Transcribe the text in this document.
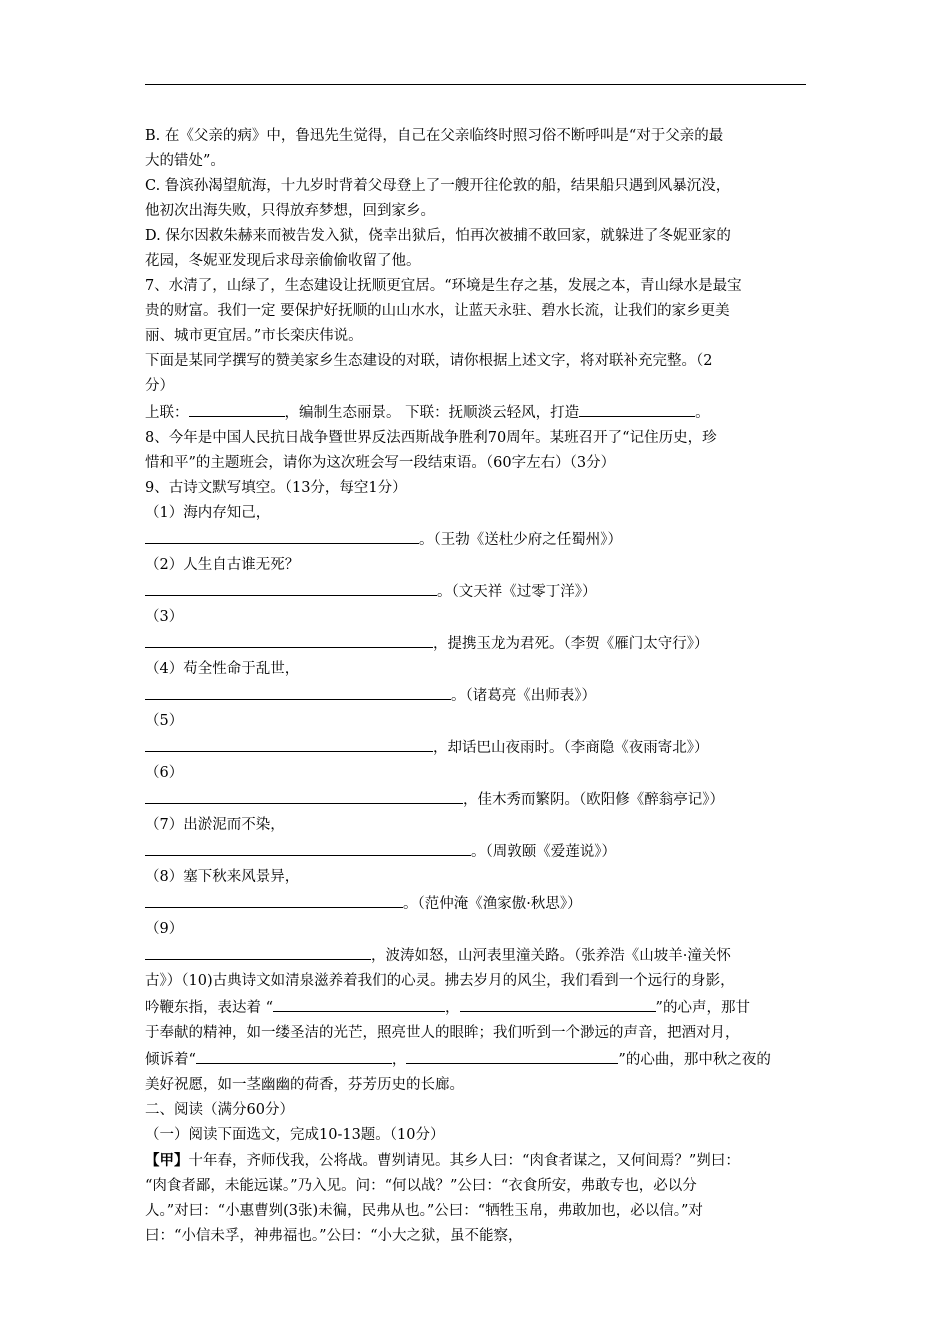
B. 在《父亲的病》中，鲁迅先生觉得，自己在父亲临终时照习俗不断呼叫是“对于父亲的最

大的错处”。

C. 鲁滨孙渴望航海，十九岁时背着父母登上了一艘开往伦敦的船，结果船只遇到风暴沉没，

他初次出海失败，只得放弃梦想，回到家乡。

D. 保尔因救朱赫来而被告发入狱，侥幸出狱后，怕再次被捕不敢回家，就躲进了冬妮亚家的

花园，冬妮亚发现后求母亲偷偷收留了他。

7、水清了，山绿了，生态建设让抚顺更宜居。“环境是生存之基，发展之本，青山绿水是最宝

贵的财富。我们一定 要保护好抚顺的山山水水，让蓝天永驻、碧水长流，让我们的家乡更美

丽、城市更宜居。”市长栾庆伟说。

下面是某同学撰写的赞美家乡生态建设的对联，请你根据上述文字，将对联补充完整。（2

分）

上联：	，编制生态丽景。 下联：抚顺淡云轻风，打造	。

8、今年是中国人民抗日战争暨世界反法西斯战争胜利70周年。某班召开了“记住历史，珍

惜和平”的主题班会，请你为这次班会写一段结束语。（60字左右）（3分）

9、古诗文默写填空。（13分，每空1分）

（1）海内存知己，

。（王勃《送杜少府之任蜀州》）

（2）人生自古谁无死？

。（文天祥《过零丁洋》）

（3）

，提携玉龙为君死。（李贺《雁门太守行》）

（4）苟全性命于乱世，

。（诸葛亮《出师表》）

（5）

，却话巴山夜雨时。（李商隐《夜雨寄北》）

（6）

，佳木秀而繁阴。（欧阳修《醉翁亭记》）

（7）出淤泥而不染，

。（周敦颐《爱莲说》）

（8）塞下秋来风景异，

。（范仲淹《渔家傲·秋思》）

（9）

，波涛如怒，山河表里潼关路。（张养浩《山坡羊·潼关怀

古》）（10)古典诗文如清泉滋养着我们的心灵。拂去岁月的风尘，我们看到一个远行的身影，

吟鞭东指，表达着 “	，	”的心声，那甘

于奉献的精神，如一缕圣洁的光芒，照亮世人的眼眸；我们听到一个渺远的声音，把酒对月，

倾诉着“	，	”的心曲，那中秋之夜的

美好祝愿，如一茎幽幽的荷香，芬芳历史的长廊。

二、阅读（满分60分）

（一）阅读下面选文，完成10-13题。（10分）

【甲】十年春，齐师伐我，公将战。曹刿请见。其乡人曰：“肉食者谋之，又何间焉？”刿曰：

“肉食者鄙，未能远谋。”乃入见。问：“何以战？”公曰：“衣食所安，弗敢专也，必以分

人。”对曰：“小惠曹刿(3张)未徧，民弗从也。”公曰：“牺牲玉帛，弗敢加也，必以信。”对

曰：“小信未孚，神弗福也。”公曰：“小大之狱，虽不能察，
